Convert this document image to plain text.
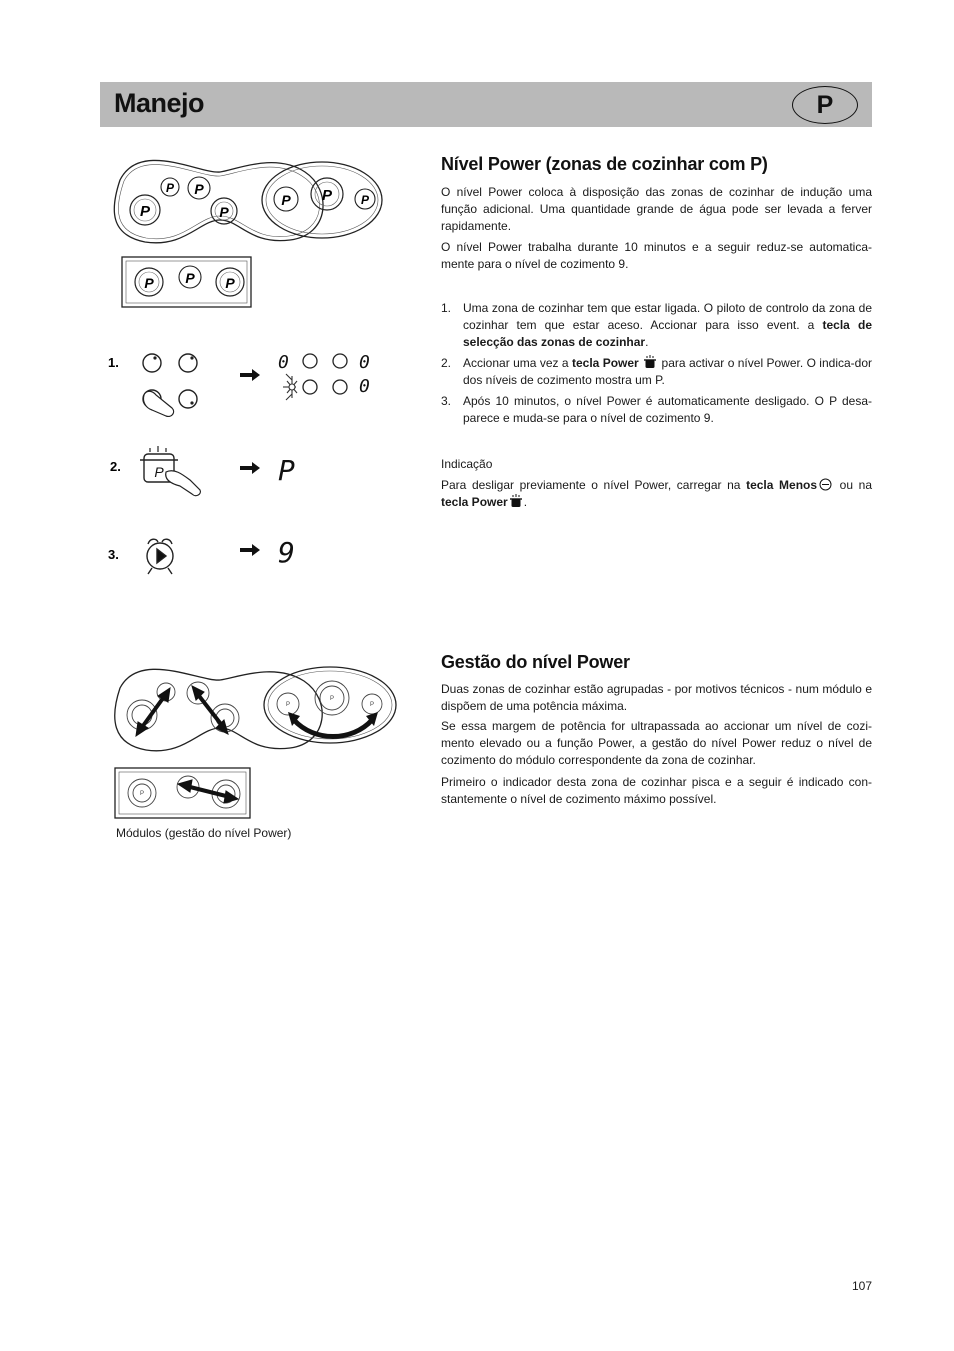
Manejo	P
P
P P
P
P P P
P P P
1.	0	0
0
2. P	P
3.	9
P
P
P
P
Módulos (gestão do nível Power)
Nível Power (zonas de cozinhar com P)

O nível Power coloca à disposição das zonas de cozinhar de indução uma função adicional. Uma quantidade grande de água pode ser levada a ferver rapidamente.

O nível Power trabalha durante 10 minutos e a seguir reduz-se automatica-mente para o nível de cozimento 9.

1. Uma zona de cozinhar tem que estar ligada. O piloto de controlo da zona de cozinhar tem que estar aceso. Accionar para isso event. a tecla de selecção das zonas de cozinhar.
2. Accionar uma vez a tecla Power  para activar o nível Power. O indica-dor dos níveis de cozimento mostra um P.
3. Após 10 minutos, o nível Power é automaticamente desligado. O P desa-parece e muda-se para o nível de cozimento 9.

Indicação

Para desligar previamente o nível Power, carregar na tecla Menos ou na tecla Power .

Gestão do nível Power

Duas zonas de cozinhar estão agrupadas - por motivos técnicos - num módulo e dispõem de uma potência máxima.

Se essa margem de potência for ultrapassada ao accionar um nível de cozi-mento elevado ou a função Power, a gestão do nível Power reduz o nível de cozimento do módulo correspondente da zona de cozinhar.

Primeiro o indicador desta zona de cozinhar pisca e a seguir é indicado con-stantemente o nível de cozimento máximo possível.

107
